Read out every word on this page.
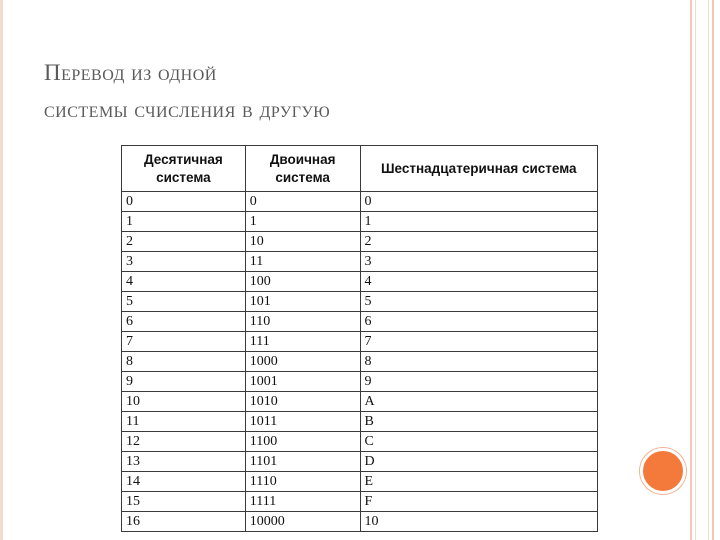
Перевод из одной
системы счисления в другую
Десятичная система	Двоичная система	Шестнадцатеричная система
0	0	0
1	1	1
2	10	2
3	11	3
4	100	4
5	101	5
6	110	6
7	111	7
8	1000	8
9	1001	9
10	1010	A
11	1011	B
12	1100	C
13	1101	D
14	1110	E
15	1111	F
16	10000	10
